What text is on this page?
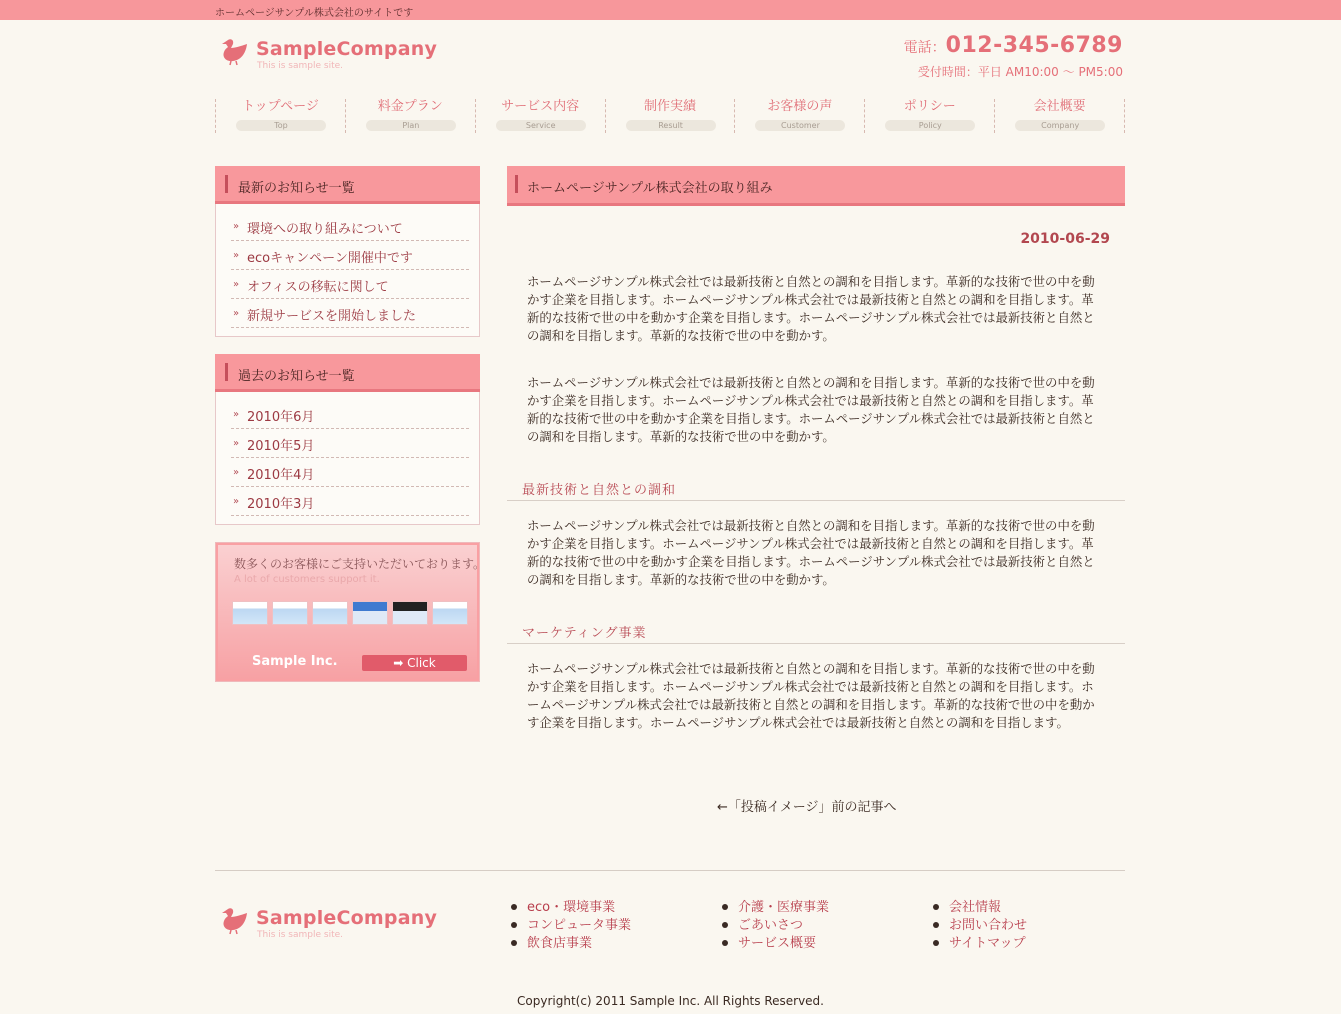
ホームページサンプル株式会社のサイトです
SampleCompany
This is sample site.
電話：012-345-6789
受付時間：平日 AM10:00 ～ PM5:00
トップページ
Top
料金プラン
Plan
サービス内容
Service
制作実績
Result
お客様の声
Customer
ポリシー
Policy
会社概要
Company
最新のお知らせ一覧
» 環境への取り組みについて
» ecoキャンペーン開催中です
» オフィスの移転に関して
» 新規サービスを開始しました
過去のお知らせ一覧
» 2010年6月
» 2010年5月
» 2010年4月
» 2010年3月
数多くのお客様にご支持いただいております。
A lot of customers support it.
Sample Inc.	➡ Click
ホームページサンプル株式会社の取り組み
2010-06-29

ホームページサンプル株式会社では最新技術と自然との調和を目指します。革新的な技術で世の中を動かす企業を目指します。ホームページサンプル株式会社では最新技術と自然との調和を目指します。革新的な技術で世の中を動かす企業を目指します。ホームページサンプル株式会社では最新技術と自然との調和を目指します。革新的な技術で世の中を動かす。

ホームページサンプル株式会社では最新技術と自然との調和を目指します。革新的な技術で世の中を動かす企業を目指します。ホームページサンプル株式会社では最新技術と自然との調和を目指します。革新的な技術で世の中を動かす企業を目指します。ホームページサンプル株式会社では最新技術と自然との調和を目指します。革新的な技術で世の中を動かす。

最新技術と自然との調和

ホームページサンプル株式会社では最新技術と自然との調和を目指します。革新的な技術で世の中を動かす企業を目指します。ホームページサンプル株式会社では最新技術と自然との調和を目指します。革新的な技術で世の中を動かす企業を目指します。ホームページサンプル株式会社では最新技術と自然との調和を目指します。革新的な技術で世の中を動かす。

マーケティング事業

ホームページサンプル株式会社では最新技術と自然との調和を目指します。革新的な技術で世の中を動かす企業を目指します。ホームページサンプル株式会社では最新技術と自然との調和を目指します。ホームページサンプル株式会社では最新技術と自然との調和を目指します。革新的な技術で世の中を動かす企業を目指します。ホームページサンプル株式会社では最新技術と自然との調和を目指します。

←「投稿イメージ」前の記事へ
SampleCompany
This is sample site.
eco・環境事業
コンピュータ事業
飲食店事業
介護・医療事業
ごあいさつ
サービス概要
会社情報
お問い合わせ
サイトマップ
Copyright(c) 2011 Sample Inc. All Rights Reserved.
